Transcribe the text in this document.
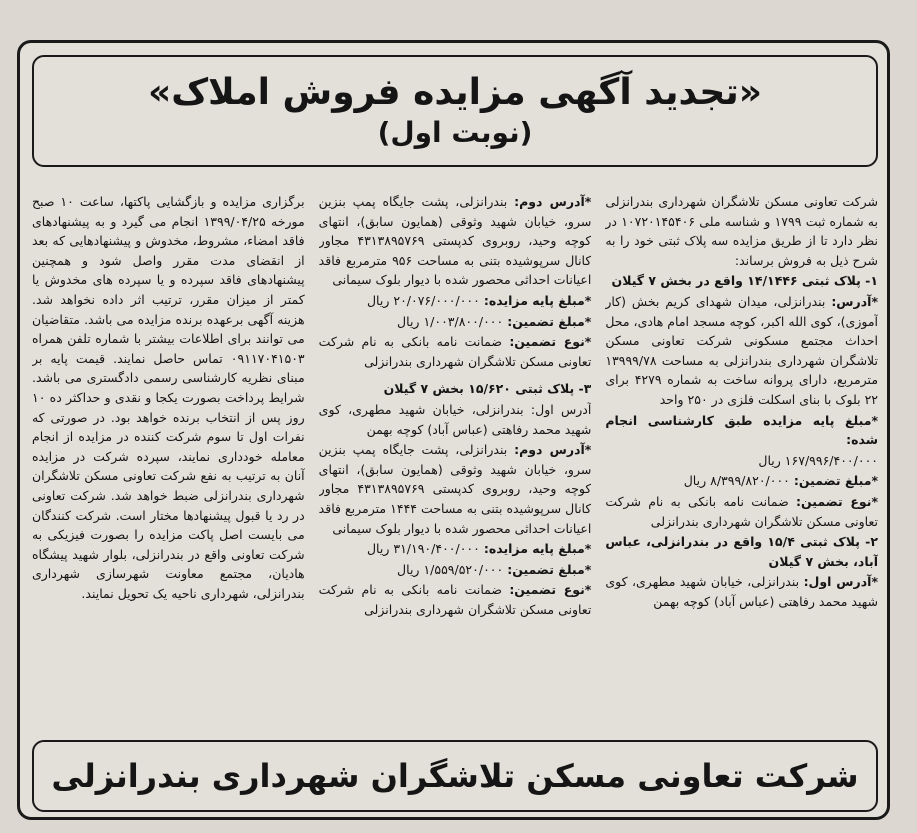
«تجدید آگهی مزایده فروش املاک»
(نوبت اول)

شرکت تعاونی مسکن تلاشگران شهرداری بندرانزلی به شماره ثبت ۱۷۹۹ و شناسه ملی ۱۰۷۲۰۱۴۵۴۰۶ در نظر دارد تا از طریق مزایده سه پلاک ثبتی خود را به شرح ذیل به فروش برساند:

۱- پلاک ثبتی ۱۴/۱۴۴۶ واقع در بخش ۷ گیلان

*آدرس: بندرانزلی، میدان شهدای کریم بخش (کار آموزی)، کوی الله اکبر، کوچه مسجد امام هادی، محل احداث مجتمع مسکونی شرکت تعاونی مسکن تلاشگران شهرداری بندرانزلی به مساحت ۱۳۹۹۹/۷۸ مترمربع، دارای پروانه ساخت به شماره ۴۲۷۹ برای ۲۲ بلوک با بنای اسکلت فلزی در ۲۵۰ واحد

*مبلغ پایه مزایده طبق کارشناسی انجام شده:

۱۶۷/۹۹۶/۴۰۰/۰۰۰ ریال

*مبلغ تضمین: ۸/۳۹۹/۸۲۰/۰۰۰ ریال

*نوع تضمین: ضمانت نامه بانکی به نام شرکت تعاونی مسکن تلاشگران شهرداری بندرانزلی

۲- پلاک ثبتی ۱۵/۴ واقع در بندرانزلی، عباس آباد، بخش ۷ گیلان

*آدرس اول: بندرانزلی، خیابان شهید مطهری، کوی شهید محمد رفاهتی (عباس آباد) کوچه بهمن

*آدرس دوم: بندرانزلی، پشت جایگاه پمپ بنزین سرو، خیابان شهید وثوقی (همایون سابق)، انتهای کوچه وحید، روبروی کدپستی ۴۳۱۳۸۹۵۷۶۹ مجاور کانال سرپوشیده بتنی به مساحت ۹۵۶ مترمربع فاقد اعیانات احداثی محصور شده با دیوار بلوک سیمانی

*مبلغ پایه مزایده: ۲۰/۰۷۶/۰۰۰/۰۰۰ ریال

*مبلغ تضمین: ۱/۰۰۳/۸۰۰/۰۰۰ ریال

*نوع تضمین: ضمانت نامه بانکی به نام شرکت تعاونی مسکن تلاشگران شهرداری بندرانزلی

۳- پلاک ثبتی ۱۵/۶۲۰ بخش ۷ گیلان

آدرس اول: بندرانزلی، خیابان شهید مطهری، کوی شهید محمد رفاهتی (عباس آباد) کوچه بهمن

*آدرس دوم: بندرانزلی، پشت جایگاه پمپ بنزین سرو، خیابان شهید وثوقی (همایون سابق)، انتهای کوچه وحید، روبروی کدپستی ۴۳۱۳۸۹۵۷۶۹ مجاور کانال سرپوشیده بتنی به مساحت ۱۴۴۴ مترمربع فاقد اعیانات احداثی محصور شده با دیوار بلوک سیمانی

*مبلغ پایه مزایده: ۳۱/۱۹۰/۴۰۰/۰۰۰ ریال

*مبلغ تضمین: ۱/۵۵۹/۵۲۰/۰۰۰ ریال

*نوع تضمین: ضمانت نامه بانکی به نام شرکت تعاونی مسکن تلاشگران شهرداری بندرانزلی

برگزاری مزایده و بازگشایی پاکتها، ساعت ۱۰ صبح مورخه ۱۳۹۹/۰۴/۲۵ انجام می گیرد و به پیشنهادهای فاقد امضاء، مشروط، مخدوش و پیشنهادهایی که بعد از انقضای مدت مقرر واصل شود و همچنین پیشنهادهای فاقد سپرده و یا سپرده های مخدوش یا کمتر از میزان مقرر، ترتیب اثر داده نخواهد شد. هزینه آگهی برعهده برنده مزایده می باشد. متقاضیان می توانند برای اطلاعات بیشتر با شماره تلفن همراه ۰۹۱۱۷۰۴۱۵۰۳ تماس حاصل نمایند. قیمت پایه بر مبنای نظریه کارشناسی رسمی دادگستری می باشد. شرایط پرداخت بصورت یکجا و نقدی و حداکثر ده ۱۰ روز پس از انتخاب برنده خواهد بود. در صورتی که نفرات اول تا سوم شرکت کننده در مزایده از انجام معامله خودداری نمایند، سپرده شرکت در مزایده آنان به ترتیب به نفع شرکت تعاونی مسکن تلاشگران شهرداری بندرانزلی ضبط خواهد شد. شرکت تعاونی در رد یا قبول پیشنهادها مختار است. شرکت کنندگان می بایست اصل پاکت مزایده را بصورت فیزیکی به شرکت تعاونی واقع در بندرانزلی، بلوار شهید پیشگاه هادیان، مجتمع معاونت شهرسازی شهرداری بندرانزلی، شهرداری ناحیه یک تحویل نمایند.

شرکت تعاونی مسکن تلاشگران شهرداری بندرانزلی
